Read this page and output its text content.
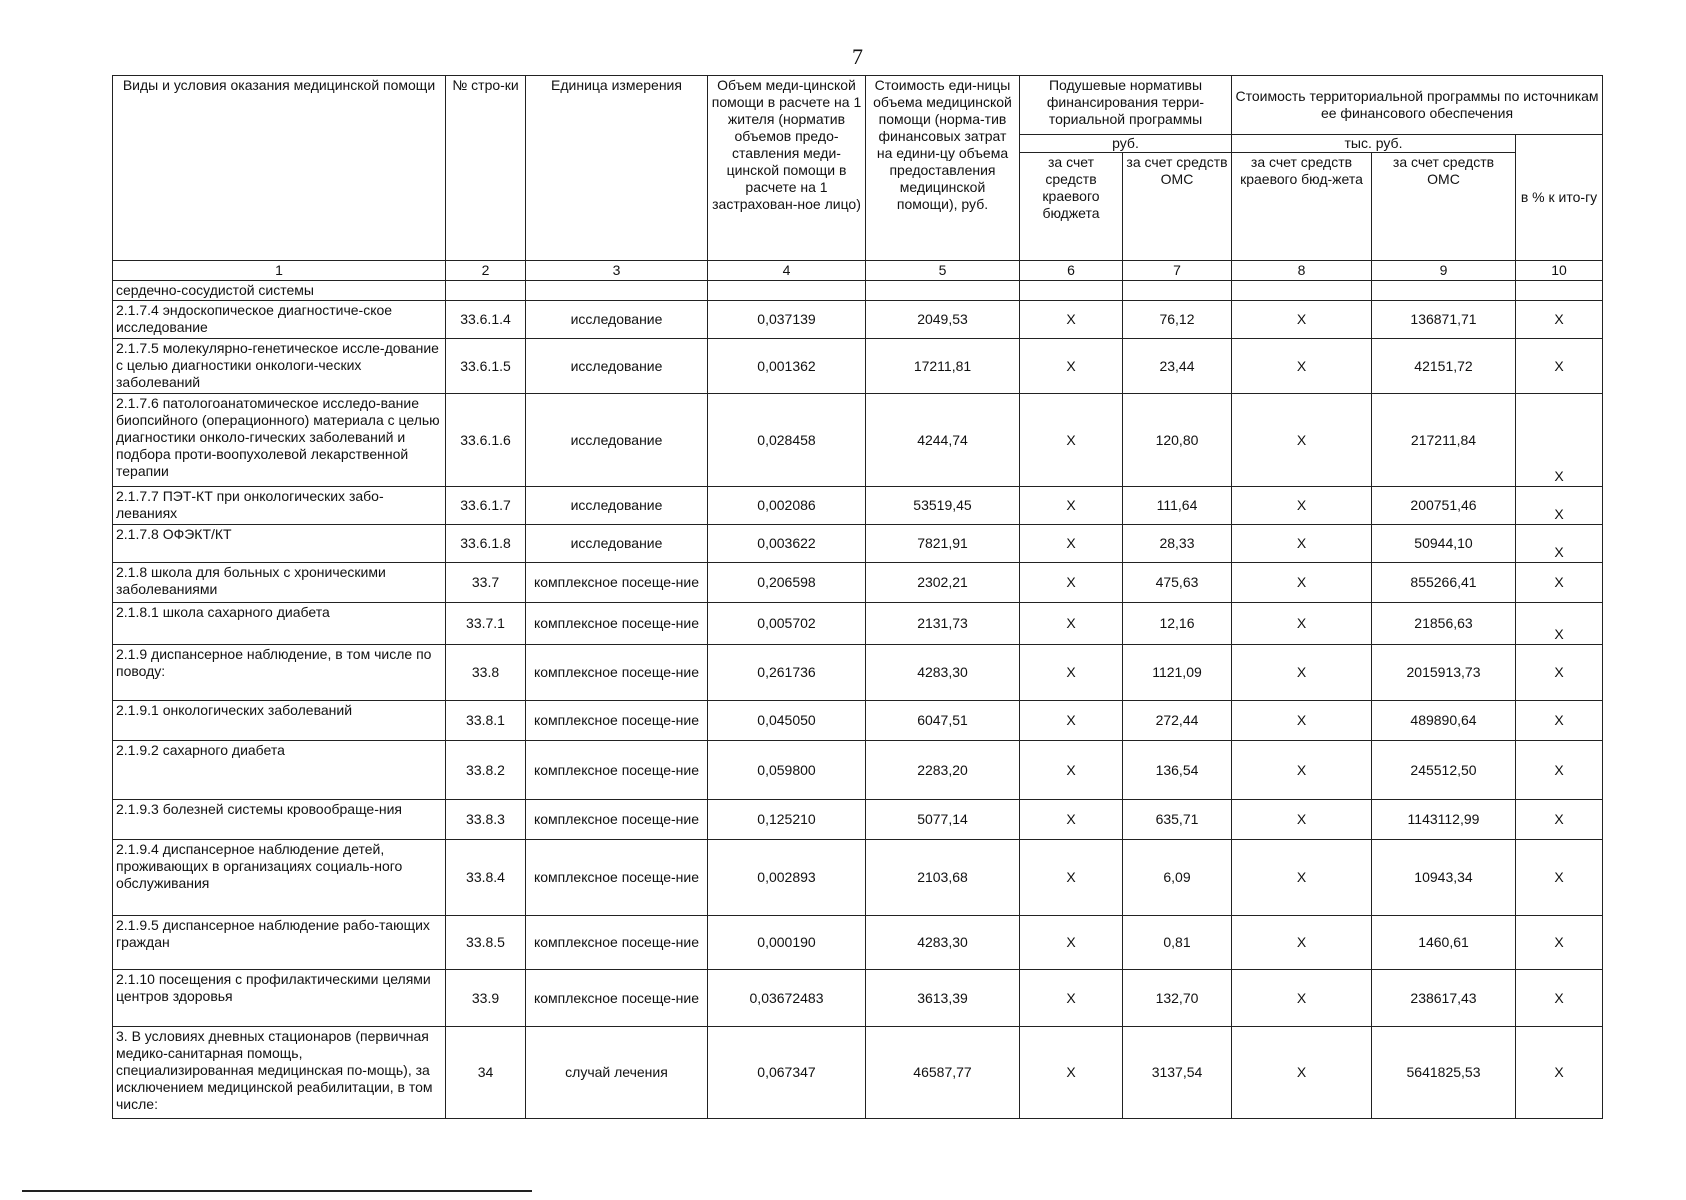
7
Виды и условия оказания медицинской помощи	№ стро-ки	Единица измерения	Объем меди-цинской помощи в расчете на 1 жителя (норматив объемов предо-ставления меди-цинской помощи в расчете на 1 застрахован-ное лицо)	Стоимость еди-ницы объема медицинской помощи (норма-тив финансовых затрат на едини-цу объема предоставления медицинской помощи), руб.	Подушевые нормативы финансирования терри-ториальной программы		Стоимость территориальной программы по источникам ее финансового обеспечения		
					руб.		тыс. руб.		в % к ито-гу
					за счет средств краевого бюджета	за счет средств ОМС	за счет средств краевого бюд-жета	за счет средств ОМС	
1	2	3	4	5	6	7	8	9	10
сердечно-сосудистой системы									
2.1.7.4 эндоскопическое диагностиче-ское исследование	33.6.1.4	исследование	0,037139	2049,53	X	76,12	X	136871,71	X
2.1.7.5 молекулярно-генетическое иссле-дование с целью диагностики онкологи-ческих заболеваний	33.6.1.5	исследование	0,001362	17211,81	X	23,44	X	42151,72	X
2.1.7.6 патологоанатомическое исследо-вание биопсийного (операционного) материала с целью диагностики онколо-гических заболеваний и подбора проти-воопухолевой лекарственной терапии	33.6.1.6	исследование	0,028458	4244,74	X	120,80	X	217211,84	X
2.1.7.7 ПЭТ-КТ при онкологических забо-леваниях	33.6.1.7	исследование	0,002086	53519,45	X	111,64	X	200751,46	X
2.1.7.8 ОФЭКТ/КТ	33.6.1.8	исследование	0,003622	7821,91	X	28,33	X	50944,10	X
2.1.8 школа для больных с хроническими заболеваниями	33.7	комплексное посеще-ние	0,206598	2302,21	X	475,63	X	855266,41	X
2.1.8.1 школа сахарного диабета	33.7.1	комплексное посеще-ние	0,005702	2131,73	X	12,16	X	21856,63	X
2.1.9 диспансерное наблюдение, в том числе по поводу:	33.8	комплексное посеще-ние	0,261736	4283,30	X	1121,09	X	2015913,73	X
2.1.9.1 онкологических заболеваний	33.8.1	комплексное посеще-ние	0,045050	6047,51	X	272,44	X	489890,64	X
2.1.9.2 сахарного диабета	33.8.2	комплексное посеще-ние	0,059800	2283,20	X	136,54	X	245512,50	X
2.1.9.3 болезней системы кровообраще-ния	33.8.3	комплексное посеще-ние	0,125210	5077,14	X	635,71	X	1143112,99	X
2.1.9.4 диспансерное наблюдение детей, проживающих в организациях социаль-ного обслуживания	33.8.4	комплексное посеще-ние	0,002893	2103,68	X	6,09	X	10943,34	X
2.1.9.5 диспансерное наблюдение рабо-тающих граждан	33.8.5	комплексное посеще-ние	0,000190	4283,30	X	0,81	X	1460,61	X
2.1.10 посещения с профилактическими целями центров здоровья	33.9	комплексное посеще-ние	0,03672483	3613,39	X	132,70	X	238617,43	X
3. В условиях дневных стационаров (первичная медико-санитарная помощь, специализированная медицинская по-мощь), за исключением медицинской реабилитации, в том числе:	34	случай лечения	0,067347	46587,77	X	3137,54	X	5641825,53	X
